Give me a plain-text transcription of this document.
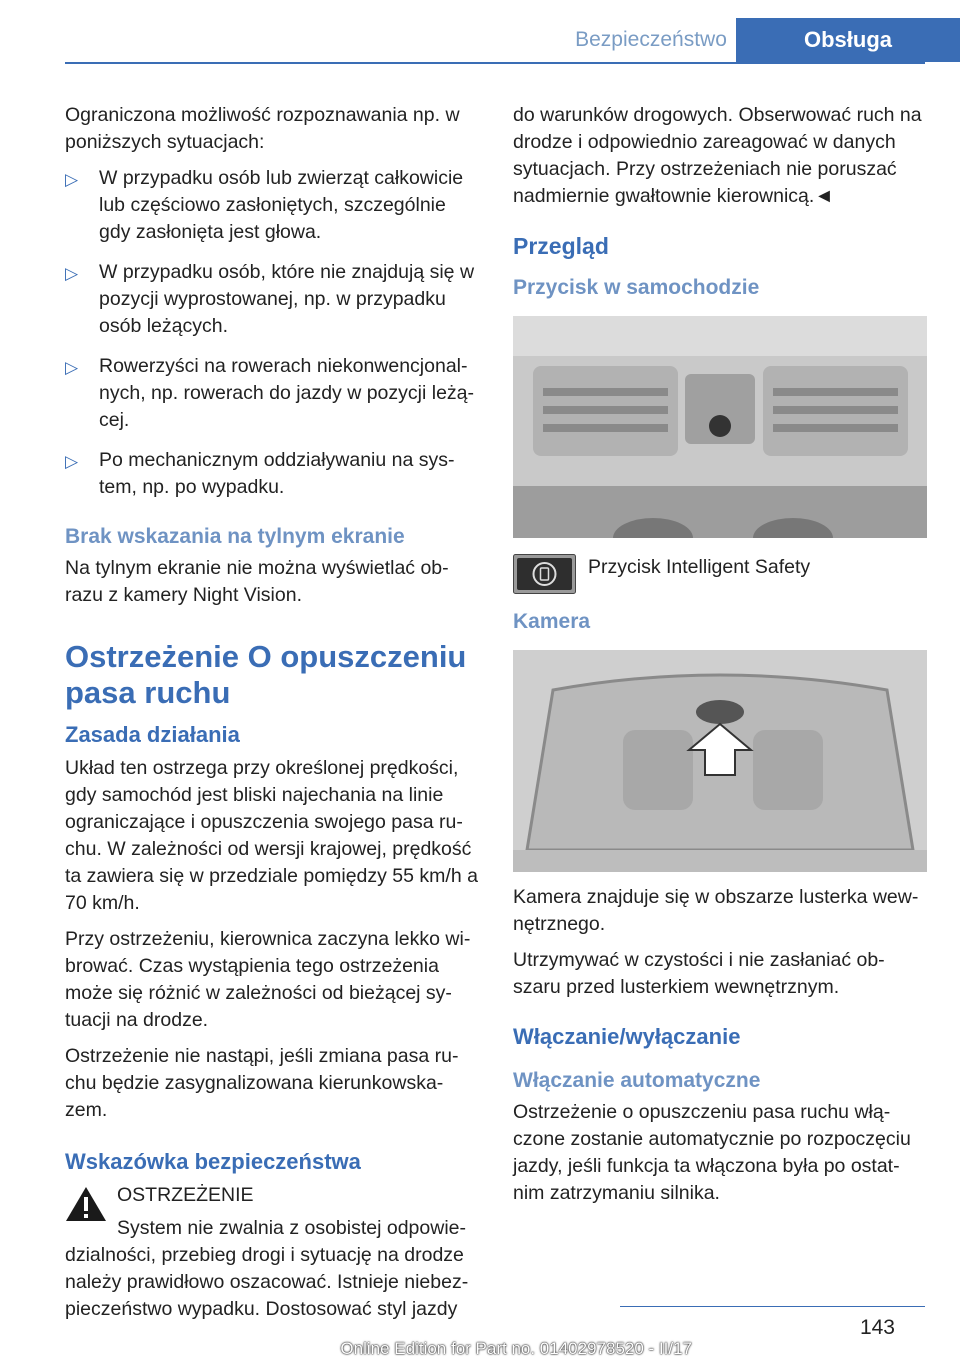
Bezpieczeństwo	Obsługa

Ograniczona możliwość rozpoznawania np. w poniższych sytuacjach:

▷ W przypadku osób lub zwierząt całkowicie lub częściowo zasłoniętych, szczególnie gdy zasłonięta jest głowa.
▷ W przypadku osób, które nie znajdują się w pozycji wyprostowanej, np. w przypadku osób leżących.
▷ Rowerzyści na rowerach niekonwencjonal‐nych, np. rowerach do jazdy w pozycji leżą‐cej.
▷ Po mechanicznym oddziaływaniu na sys‐tem, np. po wypadku.
Brak wskazania na tylnym ekranie

Na tylnym ekranie nie można wyświetlać ob‐razu z kamery Night Vision.

Ostrzeżenie O opuszczeniu pasa ruchu
Zasada działania

Układ ten ostrzega przy określonej prędkości, gdy samochód jest bliski najechania na linie ograniczające i opuszczenia swojego pasa ru‐chu. W zależności od wersji krajowej, prędkość ta zawiera się w przedziale pomiędzy 55 km/h a 70 km/h.

Przy ostrzeżeniu, kierownica zaczyna lekko wi‐brować. Czas wystąpienia tego ostrzeżenia może się różnić w zależności od bieżącej sy‐tuacji na drodze.

Ostrzeżenie nie nastąpi, jeśli zmiana pasa ru‐chu będzie zasygnalizowana kierunkowska‐zem.

Wskazówka bezpieczeństwa

OSTRZEŻENIE

System nie zwalnia z osobistej odpowie‐

dzialności, przebieg drogi i sytuację na drodze należy prawidłowo oszacować. Istnieje niebez‐pieczeństwo wypadku. Dostosować styl jazdy

do warunków drogowych. Obserwować ruch na drodze i odpowiednio zareagować w danych sytuacjach. Przy ostrzeżeniach nie poruszać nadmiernie gwałtownie kierownicą.◄

Przegląd
Przycisk w samochodzie
Przycisk Intelligent Safety
Kamera

Kamera znajduje się w obszarze lusterka wew‐nętrznego.

Utrzymywać w czystości i nie zasłaniać ob‐szaru przed lusterkiem wewnętrznym.

Włączanie/wyłączanie
Włączanie automatyczne

Ostrzeżenie o opuszczeniu pasa ruchu włą‐czone zostanie automatycznie po rozpoczęciu jazdy, jeśli funkcja ta włączona była po ostat‐nim zatrzymaniu silnika.

143
Online Edition for Part no. 01402978520 - II/17
